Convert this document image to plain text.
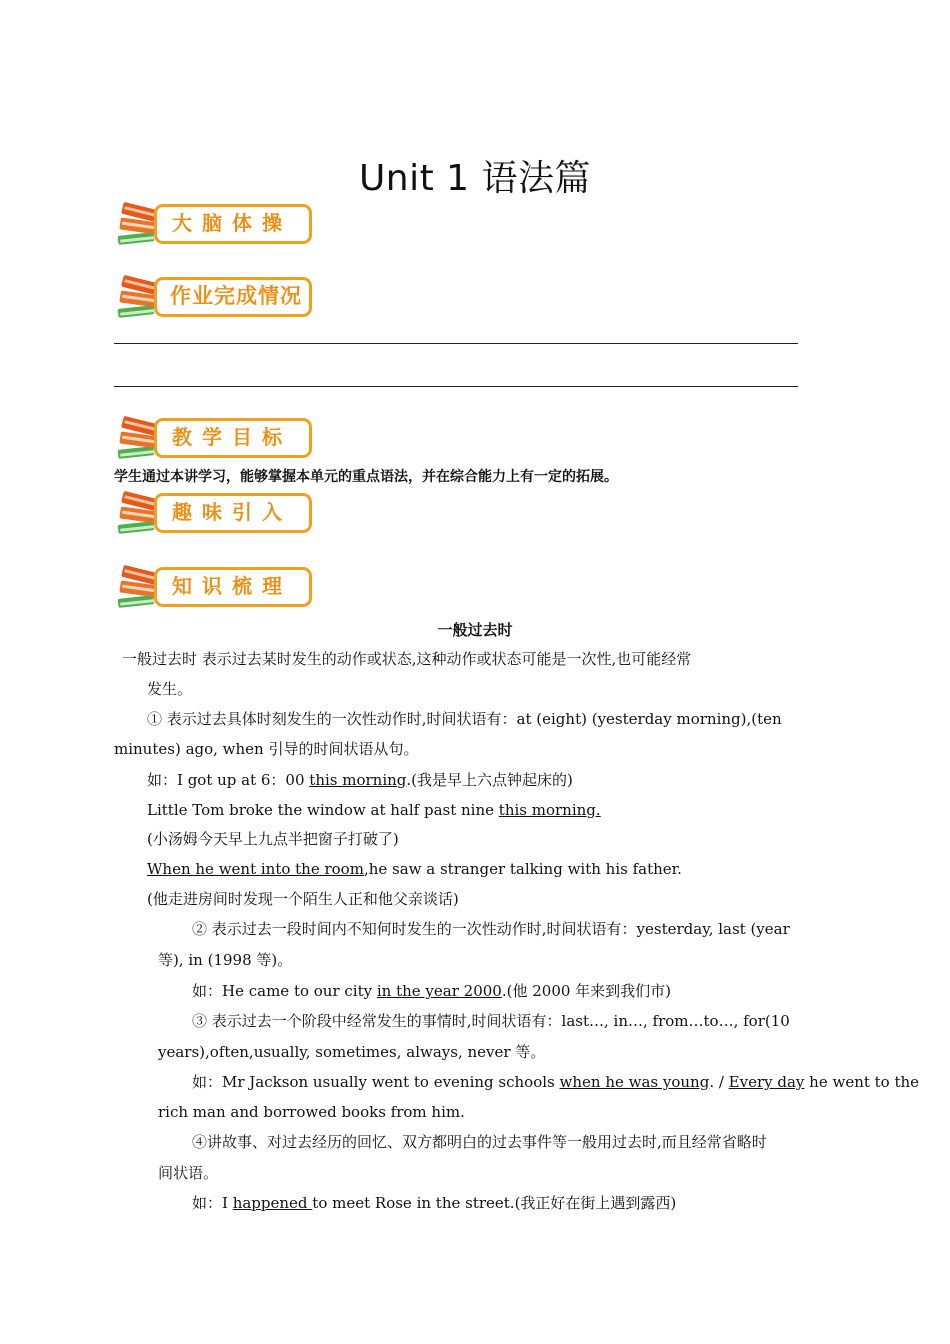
Unit 1 语法篇
大脑体操
作业完成情况
教学目标
学生通过本讲学习，能够掌握本单元的重点语法，并在综合能力上有一定的拓展。
趣味引入
知识梳理
一般过去时
一般过去时 表示过去某时发生的动作或状态,这种动作或状态可能是一次性,也可能经常
发生。
① 表示过去具体时刻发生的一次性动作时,时间状语有：at (eight) (yesterday morning),(ten
minutes) ago, when 引导的时间状语从句。
如：I got up at 6：00 this morning.(我是早上六点钟起床的)
Little Tom broke the window at half past nine this morning.
(小汤姆今天早上九点半把窗子打破了)
When he went into the room,he saw a stranger talking with his father.
(他走进房间时发现一个陌生人正和他父亲谈话)
② 表示过去一段时间内不知何时发生的一次性动作时,时间状语有：yesterday, last (year
等), in (1998 等)。
如：He came to our city in the year 2000.(他 2000 年来到我们市)
③ 表示过去一个阶段中经常发生的事情时,时间状语有：last…, in…, from…to…, for(10
years),often,usually, sometimes, always, never 等。
如：Mr Jackson usually went to evening schools when he was young. / Every day he went to the
rich man and borrowed books from him.
④讲故事、对过去经历的回忆、双方都明白的过去事件等一般用过去时,而且经常省略时
间状语。
如：I happened to meet Rose in the street.(我正好在街上遇到露西)
